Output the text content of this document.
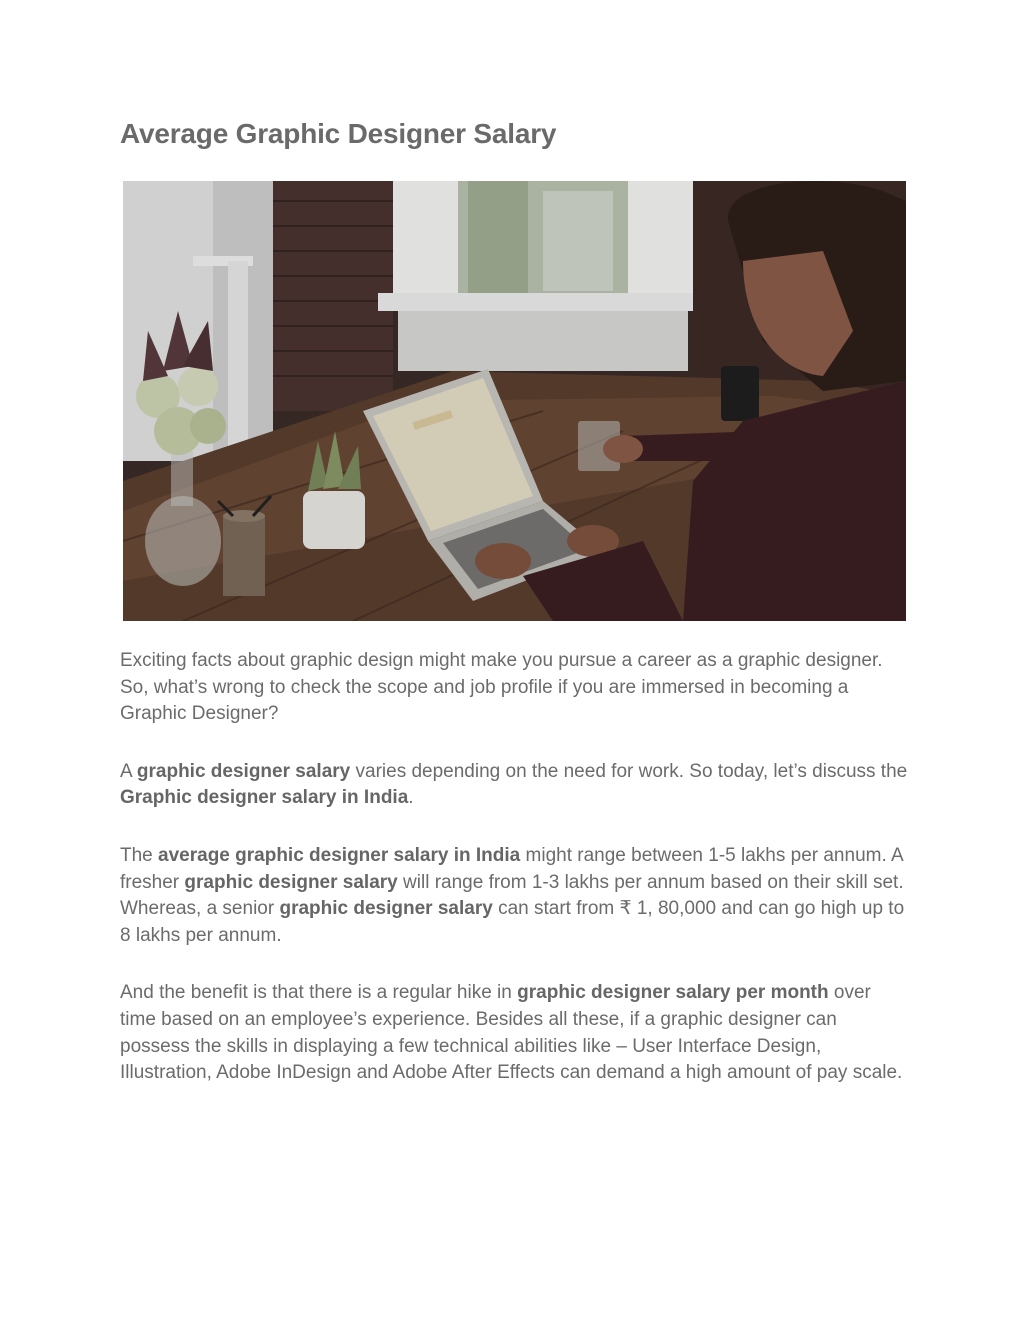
Average Graphic Designer Salary

Exciting facts about graphic design might make you pursue a career as a graphic designer. So, what’s wrong to check the scope and job profile if you are immersed in becoming a Graphic Designer?

A graphic designer salary varies depending on the need for work. So today, let’s discuss the Graphic designer salary in India.

The average graphic designer salary in India might range between 1-5 lakhs per annum. A fresher graphic designer salary will range from 1-3 lakhs per annum based on their skill set. Whereas, a senior graphic designer salary can start from ₹ 1, 80,000 and can go high up to 8 lakhs per annum.

And the benefit is that there is a regular hike in graphic designer salary per month over time based on an employee’s experience. Besides all these, if a graphic designer can possess the skills in displaying a few technical abilities like – User Interface Design, Illustration, Adobe InDesign and Adobe After Effects can demand a high amount of pay scale.
